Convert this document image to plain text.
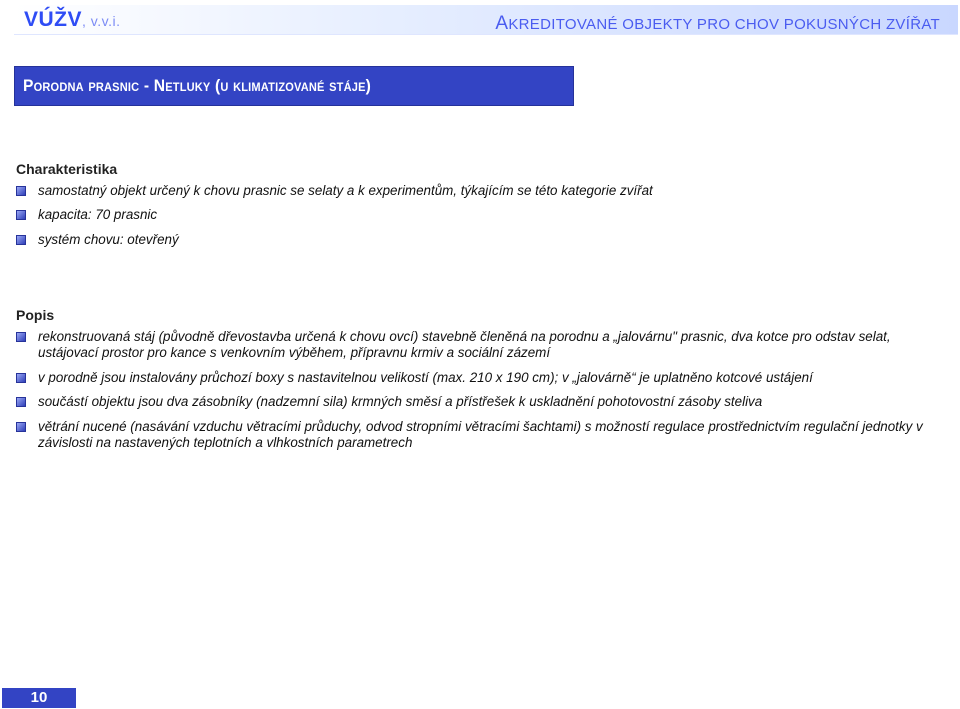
VÚŽV, v.v.i.	AKREDITOVANÉ OBJEKTY PRO CHOV POKUSNÝCH ZVÍŘAT
Porodna prasnic - Netluky (u klimatizované stáje)
Charakteristika
samostatný objekt určený k chovu prasnic se selaty a k experimentům, týkajícím se této kategorie zvířat
kapacita: 70 prasnic
systém chovu: otevřený
Popis
rekonstruovaná stáj (původně dřevostavba určená k chovu ovcí) stavebně členěná na porodnu a „jalovárnu" prasnic, dva kotce pro odstav selat, ustájovací prostor pro kance s venkovním výběhem, přípravnu krmiv a sociální zázemí
v porodně jsou instalovány průchozí boxy s nastavitelnou velikostí (max. 210 x 190 cm); v „jalovárně“ je uplatněno kotcové ustájení
součástí objektu jsou dva zásobníky (nadzemní sila) krmných směsí a přístřešek k uskladnění pohotovostní zásoby steliva
větrání nucené (nasávání vzduchu větracími průduchy, odvod stropními větracími šachtami) s možností regulace prostřednictvím regulační jednotky v závislosti na nastavených teplotních a vlhkostních parametrech
10
